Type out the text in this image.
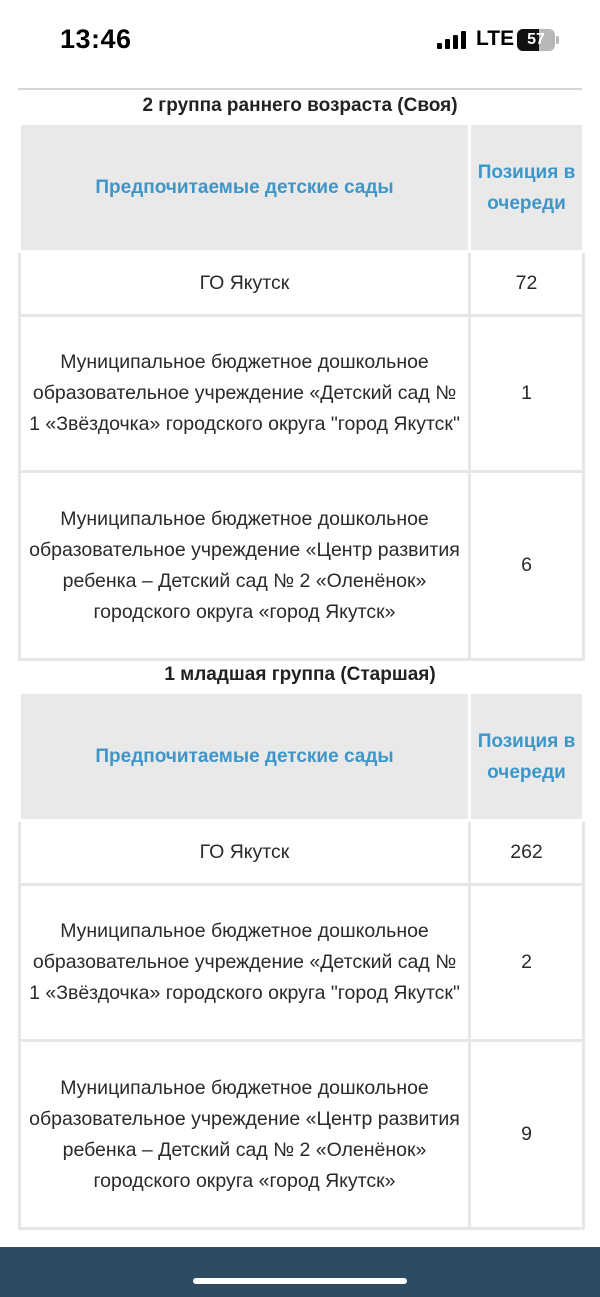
13:46	LTE 57
2 группа раннего возраста (Своя)
Предпочитаемые детские сады	Позиция в очереди
ГО Якутск	72
Муниципальное бюджетное дошкольное образовательное учреждение «Детский сад № 1 «Звёздочка» городского округа "город Якутск"	1
Муниципальное бюджетное дошкольное образовательное учреждение «Центр развития ребенка – Детский сад № 2 «Оленёнок» городского округа «город Якутск»	6
1 младшая группа (Старшая)
Предпочитаемые детские сады	Позиция в очереди
ГО Якутск	262
Муниципальное бюджетное дошкольное образовательное учреждение «Детский сад № 1 «Звёздочка» городского округа "город Якутск"	2
Муниципальное бюджетное дошкольное образовательное учреждение «Центр развития ребенка – Детский сад № 2 «Оленёнок» городского округа «город Якутск»	9
